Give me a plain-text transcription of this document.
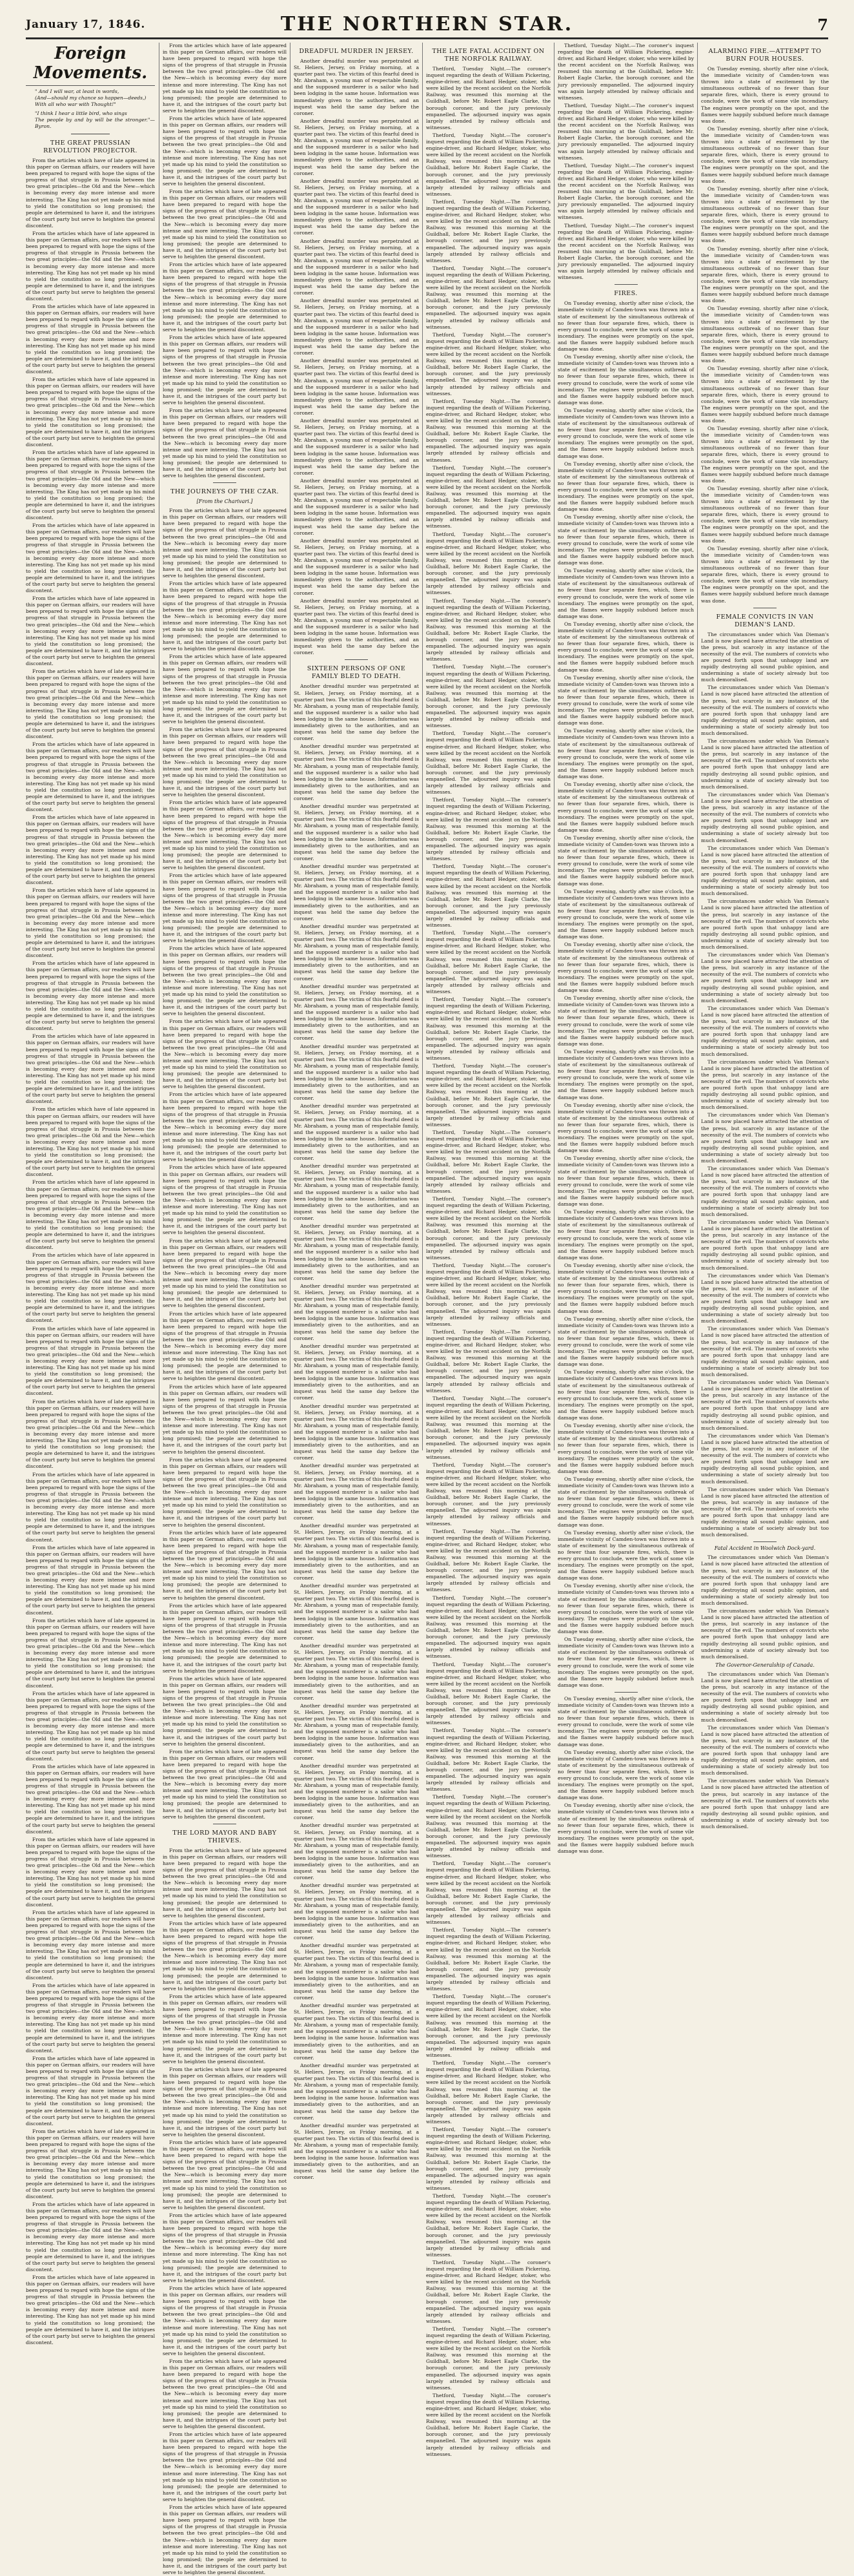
January 17, 1846.	THE NORTHERN STAR.	7
Foreign Movements.
" And I will war, at least in words,
(And—should my chance so happen—deeds,)
With all who war with Thought!"
"I think I hear a little bird, who sings
The people by and by will be the stronger."—Byron.
THE GREAT PRUSSIAN REVOLUTION PROJECTOR.

From the articles which have of late appeared in this paper on German affairs, our readers will have been prepared to regard with hope the signs of the progress of that struggle in Prussia between the two great principles—the Old and the New—which is becoming every day more intense and more interesting. The King has not yet made up his mind to yield the constitution so long promised; the people are determined to have it, and the intrigues of the court party but serve to heighten the general discontent.

From the articles which have of late appeared in this paper on German affairs, our readers will have been prepared to regard with hope the signs of the progress of that struggle in Prussia between the two great principles—the Old and the New—which is becoming every day more intense and more interesting. The King has not yet made up his mind to yield the constitution so long promised; the people are determined to have it, and the intrigues of the court party but serve to heighten the general discontent.

From the articles which have of late appeared in this paper on German affairs, our readers will have been prepared to regard with hope the signs of the progress of that struggle in Prussia between the two great principles—the Old and the New—which is becoming every day more intense and more interesting. The King has not yet made up his mind to yield the constitution so long promised; the people are determined to have it, and the intrigues of the court party but serve to heighten the general discontent.

From the articles which have of late appeared in this paper on German affairs, our readers will have been prepared to regard with hope the signs of the progress of that struggle in Prussia between the two great principles—the Old and the New—which is becoming every day more intense and more interesting. The King has not yet made up his mind to yield the constitution so long promised; the people are determined to have it, and the intrigues of the court party but serve to heighten the general discontent.

From the articles which have of late appeared in this paper on German affairs, our readers will have been prepared to regard with hope the signs of the progress of that struggle in Prussia between the two great principles—the Old and the New—which is becoming every day more intense and more interesting. The King has not yet made up his mind to yield the constitution so long promised; the people are determined to have it, and the intrigues of the court party but serve to heighten the general discontent.

From the articles which have of late appeared in this paper on German affairs, our readers will have been prepared to regard with hope the signs of the progress of that struggle in Prussia between the two great principles—the Old and the New—which is becoming every day more intense and more interesting. The King has not yet made up his mind to yield the constitution so long promised; the people are determined to have it, and the intrigues of the court party but serve to heighten the general discontent.

From the articles which have of late appeared in this paper on German affairs, our readers will have been prepared to regard with hope the signs of the progress of that struggle in Prussia between the two great principles—the Old and the New—which is becoming every day more intense and more interesting. The King has not yet made up his mind to yield the constitution so long promised; the people are determined to have it, and the intrigues of the court party but serve to heighten the general discontent.

From the articles which have of late appeared in this paper on German affairs, our readers will have been prepared to regard with hope the signs of the progress of that struggle in Prussia between the two great principles—the Old and the New—which is becoming every day more intense and more interesting. The King has not yet made up his mind to yield the constitution so long promised; the people are determined to have it, and the intrigues of the court party but serve to heighten the general discontent.

From the articles which have of late appeared in this paper on German affairs, our readers will have been prepared to regard with hope the signs of the progress of that struggle in Prussia between the two great principles—the Old and the New—which is becoming every day more intense and more interesting. The King has not yet made up his mind to yield the constitution so long promised; the people are determined to have it, and the intrigues of the court party but serve to heighten the general discontent.

From the articles which have of late appeared in this paper on German affairs, our readers will have been prepared to regard with hope the signs of the progress of that struggle in Prussia between the two great principles—the Old and the New—which is becoming every day more intense and more interesting. The King has not yet made up his mind to yield the constitution so long promised; the people are determined to have it, and the intrigues of the court party but serve to heighten the general discontent.

From the articles which have of late appeared in this paper on German affairs, our readers will have been prepared to regard with hope the signs of the progress of that struggle in Prussia between the two great principles—the Old and the New—which is becoming every day more intense and more interesting. The King has not yet made up his mind to yield the constitution so long promised; the people are determined to have it, and the intrigues of the court party but serve to heighten the general discontent.

From the articles which have of late appeared in this paper on German affairs, our readers will have been prepared to regard with hope the signs of the progress of that struggle in Prussia between the two great principles—the Old and the New—which is becoming every day more intense and more interesting. The King has not yet made up his mind to yield the constitution so long promised; the people are determined to have it, and the intrigues of the court party but serve to heighten the general discontent.

From the articles which have of late appeared in this paper on German affairs, our readers will have been prepared to regard with hope the signs of the progress of that struggle in Prussia between the two great principles—the Old and the New—which is becoming every day more intense and more interesting. The King has not yet made up his mind to yield the constitution so long promised; the people are determined to have it, and the intrigues of the court party but serve to heighten the general discontent.

From the articles which have of late appeared in this paper on German affairs, our readers will have been prepared to regard with hope the signs of the progress of that struggle in Prussia between the two great principles—the Old and the New—which is becoming every day more intense and more interesting. The King has not yet made up his mind to yield the constitution so long promised; the people are determined to have it, and the intrigues of the court party but serve to heighten the general discontent.

From the articles which have of late appeared in this paper on German affairs, our readers will have been prepared to regard with hope the signs of the progress of that struggle in Prussia between the two great principles—the Old and the New—which is becoming every day more intense and more interesting. The King has not yet made up his mind to yield the constitution so long promised; the people are determined to have it, and the intrigues of the court party but serve to heighten the general discontent.

From the articles which have of late appeared in this paper on German affairs, our readers will have been prepared to regard with hope the signs of the progress of that struggle in Prussia between the two great principles—the Old and the New—which is becoming every day more intense and more interesting. The King has not yet made up his mind to yield the constitution so long promised; the people are determined to have it, and the intrigues of the court party but serve to heighten the general discontent.

From the articles which have of late appeared in this paper on German affairs, our readers will have been prepared to regard with hope the signs of the progress of that struggle in Prussia between the two great principles—the Old and the New—which is becoming every day more intense and more interesting. The King has not yet made up his mind to yield the constitution so long promised; the people are determined to have it, and the intrigues of the court party but serve to heighten the general discontent.

From the articles which have of late appeared in this paper on German affairs, our readers will have been prepared to regard with hope the signs of the progress of that struggle in Prussia between the two great principles—the Old and the New—which is becoming every day more intense and more interesting. The King has not yet made up his mind to yield the constitution so long promised; the people are determined to have it, and the intrigues of the court party but serve to heighten the general discontent.

From the articles which have of late appeared in this paper on German affairs, our readers will have been prepared to regard with hope the signs of the progress of that struggle in Prussia between the two great principles—the Old and the New—which is becoming every day more intense and more interesting. The King has not yet made up his mind to yield the constitution so long promised; the people are determined to have it, and the intrigues of the court party but serve to heighten the general discontent.

From the articles which have of late appeared in this paper on German affairs, our readers will have been prepared to regard with hope the signs of the progress of that struggle in Prussia between the two great principles—the Old and the New—which is becoming every day more intense and more interesting. The King has not yet made up his mind to yield the constitution so long promised; the people are determined to have it, and the intrigues of the court party but serve to heighten the general discontent.

From the articles which have of late appeared in this paper on German affairs, our readers will have been prepared to regard with hope the signs of the progress of that struggle in Prussia between the two great principles—the Old and the New—which is becoming every day more intense and more interesting. The King has not yet made up his mind to yield the constitution so long promised; the people are determined to have it, and the intrigues of the court party but serve to heighten the general discontent.

From the articles which have of late appeared in this paper on German affairs, our readers will have been prepared to regard with hope the signs of the progress of that struggle in Prussia between the two great principles—the Old and the New—which is becoming every day more intense and more interesting. The King has not yet made up his mind to yield the constitution so long promised; the people are determined to have it, and the intrigues of the court party but serve to heighten the general discontent.

From the articles which have of late appeared in this paper on German affairs, our readers will have been prepared to regard with hope the signs of the progress of that struggle in Prussia between the two great principles—the Old and the New—which is becoming every day more intense and more interesting. The King has not yet made up his mind to yield the constitution so long promised; the people are determined to have it, and the intrigues of the court party but serve to heighten the general discontent.

From the articles which have of late appeared in this paper on German affairs, our readers will have been prepared to regard with hope the signs of the progress of that struggle in Prussia between the two great principles—the Old and the New—which is becoming every day more intense and more interesting. The King has not yet made up his mind to yield the constitution so long promised; the people are determined to have it, and the intrigues of the court party but serve to heighten the general discontent.

From the articles which have of late appeared in this paper on German affairs, our readers will have been prepared to regard with hope the signs of the progress of that struggle in Prussia between the two great principles—the Old and the New—which is becoming every day more intense and more interesting. The King has not yet made up his mind to yield the constitution so long promised; the people are determined to have it, and the intrigues of the court party but serve to heighten the general discontent.

From the articles which have of late appeared in this paper on German affairs, our readers will have been prepared to regard with hope the signs of the progress of that struggle in Prussia between the two great principles—the Old and the New—which is becoming every day more intense and more interesting. The King has not yet made up his mind to yield the constitution so long promised; the people are determined to have it, and the intrigues of the court party but serve to heighten the general discontent.

From the articles which have of late appeared in this paper on German affairs, our readers will have been prepared to regard with hope the signs of the progress of that struggle in Prussia between the two great principles—the Old and the New—which is becoming every day more intense and more interesting. The King has not yet made up his mind to yield the constitution so long promised; the people are determined to have it, and the intrigues of the court party but serve to heighten the general discontent.

From the articles which have of late appeared in this paper on German affairs, our readers will have been prepared to regard with hope the signs of the progress of that struggle in Prussia between the two great principles—the Old and the New—which is becoming every day more intense and more interesting. The King has not yet made up his mind to yield the constitution so long promised; the people are determined to have it, and the intrigues of the court party but serve to heighten the general discontent.

From the articles which have of late appeared in this paper on German affairs, our readers will have been prepared to regard with hope the signs of the progress of that struggle in Prussia between the two great principles—the Old and the New—which is becoming every day more intense and more interesting. The King has not yet made up his mind to yield the constitution so long promised; the people are determined to have it, and the intrigues of the court party but serve to heighten the general discontent.

From the articles which have of late appeared in this paper on German affairs, our readers will have been prepared to regard with hope the signs of the progress of that struggle in Prussia between the two great principles—the Old and the New—which is becoming every day more intense and more interesting. The King has not yet made up his mind to yield the constitution so long promised; the people are determined to have it, and the intrigues of the court party but serve to heighten the general discontent.

From the articles which have of late appeared in this paper on German affairs, our readers will have been prepared to regard with hope the signs of the progress of that struggle in Prussia between the two great principles—the Old and the New—which is becoming every day more intense and more interesting. The King has not yet made up his mind to yield the constitution so long promised; the people are determined to have it, and the intrigues of the court party but serve to heighten the general discontent.

From the articles which have of late appeared in this paper on German affairs, our readers will have been prepared to regard with hope the signs of the progress of that struggle in Prussia between the two great principles—the Old and the New—which is becoming every day more intense and more interesting. The King has not yet made up his mind to yield the constitution so long promised; the people are determined to have it, and the intrigues of the court party but serve to heighten the general discontent.

From the articles which have of late appeared in this paper on German affairs, our readers will have been prepared to regard with hope the signs of the progress of that struggle in Prussia between the two great principles—the Old and the New—which is becoming every day more intense and more interesting. The King has not yet made up his mind to yield the constitution so long promised; the people are determined to have it, and the intrigues of the court party but serve to heighten the general discontent.

From the articles which have of late appeared in this paper on German affairs, our readers will have been prepared to regard with hope the signs of the progress of that struggle in Prussia between the two great principles—the Old and the New—which is becoming every day more intense and more interesting. The King has not yet made up his mind to yield the constitution so long promised; the people are determined to have it, and the intrigues of the court party but serve to heighten the general discontent.

From the articles which have of late appeared in this paper on German affairs, our readers will have been prepared to regard with hope the signs of the progress of that struggle in Prussia between the two great principles—the Old and the New—which is becoming every day more intense and more interesting. The King has not yet made up his mind to yield the constitution so long promised; the people are determined to have it, and the intrigues of the court party but serve to heighten the general discontent.

From the articles which have of late appeared in this paper on German affairs, our readers will have been prepared to regard with hope the signs of the progress of that struggle in Prussia between the two great principles—the Old and the New—which is becoming every day more intense and more interesting. The King has not yet made up his mind to yield the constitution so long promised; the people are determined to have it, and the intrigues of the court party but serve to heighten the general discontent.

THE JOURNEYS OF THE CZAR.
[From the Charivari.]

From the articles which have of late appeared in this paper on German affairs, our readers will have been prepared to regard with hope the signs of the progress of that struggle in Prussia between the two great principles—the Old and the New—which is becoming every day more intense and more interesting. The King has not yet made up his mind to yield the constitution so long promised; the people are determined to have it, and the intrigues of the court party but serve to heighten the general discontent.

From the articles which have of late appeared in this paper on German affairs, our readers will have been prepared to regard with hope the signs of the progress of that struggle in Prussia between the two great principles—the Old and the New—which is becoming every day more intense and more interesting. The King has not yet made up his mind to yield the constitution so long promised; the people are determined to have it, and the intrigues of the court party but serve to heighten the general discontent.

From the articles which have of late appeared in this paper on German affairs, our readers will have been prepared to regard with hope the signs of the progress of that struggle in Prussia between the two great principles—the Old and the New—which is becoming every day more intense and more interesting. The King has not yet made up his mind to yield the constitution so long promised; the people are determined to have it, and the intrigues of the court party but serve to heighten the general discontent.

From the articles which have of late appeared in this paper on German affairs, our readers will have been prepared to regard with hope the signs of the progress of that struggle in Prussia between the two great principles—the Old and the New—which is becoming every day more intense and more interesting. The King has not yet made up his mind to yield the constitution so long promised; the people are determined to have it, and the intrigues of the court party but serve to heighten the general discontent.

From the articles which have of late appeared in this paper on German affairs, our readers will have been prepared to regard with hope the signs of the progress of that struggle in Prussia between the two great principles—the Old and the New—which is becoming every day more intense and more interesting. The King has not yet made up his mind to yield the constitution so long promised; the people are determined to have it, and the intrigues of the court party but serve to heighten the general discontent.

From the articles which have of late appeared in this paper on German affairs, our readers will have been prepared to regard with hope the signs of the progress of that struggle in Prussia between the two great principles—the Old and the New—which is becoming every day more intense and more interesting. The King has not yet made up his mind to yield the constitution so long promised; the people are determined to have it, and the intrigues of the court party but serve to heighten the general discontent.

From the articles which have of late appeared in this paper on German affairs, our readers will have been prepared to regard with hope the signs of the progress of that struggle in Prussia between the two great principles—the Old and the New—which is becoming every day more intense and more interesting. The King has not yet made up his mind to yield the constitution so long promised; the people are determined to have it, and the intrigues of the court party but serve to heighten the general discontent.

From the articles which have of late appeared in this paper on German affairs, our readers will have been prepared to regard with hope the signs of the progress of that struggle in Prussia between the two great principles—the Old and the New—which is becoming every day more intense and more interesting. The King has not yet made up his mind to yield the constitution so long promised; the people are determined to have it, and the intrigues of the court party but serve to heighten the general discontent.

From the articles which have of late appeared in this paper on German affairs, our readers will have been prepared to regard with hope the signs of the progress of that struggle in Prussia between the two great principles—the Old and the New—which is becoming every day more intense and more interesting. The King has not yet made up his mind to yield the constitution so long promised; the people are determined to have it, and the intrigues of the court party but serve to heighten the general discontent.

From the articles which have of late appeared in this paper on German affairs, our readers will have been prepared to regard with hope the signs of the progress of that struggle in Prussia between the two great principles—the Old and the New—which is becoming every day more intense and more interesting. The King has not yet made up his mind to yield the constitution so long promised; the people are determined to have it, and the intrigues of the court party but serve to heighten the general discontent.

From the articles which have of late appeared in this paper on German affairs, our readers will have been prepared to regard with hope the signs of the progress of that struggle in Prussia between the two great principles—the Old and the New—which is becoming every day more intense and more interesting. The King has not yet made up his mind to yield the constitution so long promised; the people are determined to have it, and the intrigues of the court party but serve to heighten the general discontent.

From the articles which have of late appeared in this paper on German affairs, our readers will have been prepared to regard with hope the signs of the progress of that struggle in Prussia between the two great principles—the Old and the New—which is becoming every day more intense and more interesting. The King has not yet made up his mind to yield the constitution so long promised; the people are determined to have it, and the intrigues of the court party but serve to heighten the general discontent.

From the articles which have of late appeared in this paper on German affairs, our readers will have been prepared to regard with hope the signs of the progress of that struggle in Prussia between the two great principles—the Old and the New—which is becoming every day more intense and more interesting. The King has not yet made up his mind to yield the constitution so long promised; the people are determined to have it, and the intrigues of the court party but serve to heighten the general discontent.

From the articles which have of late appeared in this paper on German affairs, our readers will have been prepared to regard with hope the signs of the progress of that struggle in Prussia between the two great principles—the Old and the New—which is becoming every day more intense and more interesting. The King has not yet made up his mind to yield the constitution so long promised; the people are determined to have it, and the intrigues of the court party but serve to heighten the general discontent.

From the articles which have of late appeared in this paper on German affairs, our readers will have been prepared to regard with hope the signs of the progress of that struggle in Prussia between the two great principles—the Old and the New—which is becoming every day more intense and more interesting. The King has not yet made up his mind to yield the constitution so long promised; the people are determined to have it, and the intrigues of the court party but serve to heighten the general discontent.

From the articles which have of late appeared in this paper on German affairs, our readers will have been prepared to regard with hope the signs of the progress of that struggle in Prussia between the two great principles—the Old and the New—which is becoming every day more intense and more interesting. The King has not yet made up his mind to yield the constitution so long promised; the people are determined to have it, and the intrigues of the court party but serve to heighten the general discontent.

From the articles which have of late appeared in this paper on German affairs, our readers will have been prepared to regard with hope the signs of the progress of that struggle in Prussia between the two great principles—the Old and the New—which is becoming every day more intense and more interesting. The King has not yet made up his mind to yield the constitution so long promised; the people are determined to have it, and the intrigues of the court party but serve to heighten the general discontent.

From the articles which have of late appeared in this paper on German affairs, our readers will have been prepared to regard with hope the signs of the progress of that struggle in Prussia between the two great principles—the Old and the New—which is becoming every day more intense and more interesting. The King has not yet made up his mind to yield the constitution so long promised; the people are determined to have it, and the intrigues of the court party but serve to heighten the general discontent.

THE LORD MAYOR AND BABY THIEVES.

From the articles which have of late appeared in this paper on German affairs, our readers will have been prepared to regard with hope the signs of the progress of that struggle in Prussia between the two great principles—the Old and the New—which is becoming every day more intense and more interesting. The King has not yet made up his mind to yield the constitution so long promised; the people are determined to have it, and the intrigues of the court party but serve to heighten the general discontent.

From the articles which have of late appeared in this paper on German affairs, our readers will have been prepared to regard with hope the signs of the progress of that struggle in Prussia between the two great principles—the Old and the New—which is becoming every day more intense and more interesting. The King has not yet made up his mind to yield the constitution so long promised; the people are determined to have it, and the intrigues of the court party but serve to heighten the general discontent.

From the articles which have of late appeared in this paper on German affairs, our readers will have been prepared to regard with hope the signs of the progress of that struggle in Prussia between the two great principles—the Old and the New—which is becoming every day more intense and more interesting. The King has not yet made up his mind to yield the constitution so long promised; the people are determined to have it, and the intrigues of the court party but serve to heighten the general discontent.

From the articles which have of late appeared in this paper on German affairs, our readers will have been prepared to regard with hope the signs of the progress of that struggle in Prussia between the two great principles—the Old and the New—which is becoming every day more intense and more interesting. The King has not yet made up his mind to yield the constitution so long promised; the people are determined to have it, and the intrigues of the court party but serve to heighten the general discontent.

From the articles which have of late appeared in this paper on German affairs, our readers will have been prepared to regard with hope the signs of the progress of that struggle in Prussia between the two great principles—the Old and the New—which is becoming every day more intense and more interesting. The King has not yet made up his mind to yield the constitution so long promised; the people are determined to have it, and the intrigues of the court party but serve to heighten the general discontent.

From the articles which have of late appeared in this paper on German affairs, our readers will have been prepared to regard with hope the signs of the progress of that struggle in Prussia between the two great principles—the Old and the New—which is becoming every day more intense and more interesting. The King has not yet made up his mind to yield the constitution so long promised; the people are determined to have it, and the intrigues of the court party but serve to heighten the general discontent.

From the articles which have of late appeared in this paper on German affairs, our readers will have been prepared to regard with hope the signs of the progress of that struggle in Prussia between the two great principles—the Old and the New—which is becoming every day more intense and more interesting. The King has not yet made up his mind to yield the constitution so long promised; the people are determined to have it, and the intrigues of the court party but serve to heighten the general discontent.

From the articles which have of late appeared in this paper on German affairs, our readers will have been prepared to regard with hope the signs of the progress of that struggle in Prussia between the two great principles—the Old and the New—which is becoming every day more intense and more interesting. The King has not yet made up his mind to yield the constitution so long promised; the people are determined to have it, and the intrigues of the court party but serve to heighten the general discontent.

From the articles which have of late appeared in this paper on German affairs, our readers will have been prepared to regard with hope the signs of the progress of that struggle in Prussia between the two great principles—the Old and the New—which is becoming every day more intense and more interesting. The King has not yet made up his mind to yield the constitution so long promised; the people are determined to have it, and the intrigues of the court party but serve to heighten the general discontent.

From the articles which have of late appeared in this paper on German affairs, our readers will have been prepared to regard with hope the signs of the progress of that struggle in Prussia between the two great principles—the Old and the New—which is becoming every day more intense and more interesting. The King has not yet made up his mind to yield the constitution so long promised; the people are determined to have it, and the intrigues of the court party but serve to heighten the general discontent.

DREADFUL MURDER IN JERSEY.

Another dreadful murder was perpetrated at St. Heliers, Jersey, on Friday morning, at a quarter past two. The victim of this fearful deed is Mr. Abraham, a young man of respectable family, and the supposed murderer is a sailor who had been lodging in the same house. Information was immediately given to the authorities, and an inquest was held the same day before the coroner.

Another dreadful murder was perpetrated at St. Heliers, Jersey, on Friday morning, at a quarter past two. The victim of this fearful deed is Mr. Abraham, a young man of respectable family, and the supposed murderer is a sailor who had been lodging in the same house. Information was immediately given to the authorities, and an inquest was held the same day before the coroner.

Another dreadful murder was perpetrated at St. Heliers, Jersey, on Friday morning, at a quarter past two. The victim of this fearful deed is Mr. Abraham, a young man of respectable family, and the supposed murderer is a sailor who had been lodging in the same house. Information was immediately given to the authorities, and an inquest was held the same day before the coroner.

Another dreadful murder was perpetrated at St. Heliers, Jersey, on Friday morning, at a quarter past two. The victim of this fearful deed is Mr. Abraham, a young man of respectable family, and the supposed murderer is a sailor who had been lodging in the same house. Information was immediately given to the authorities, and an inquest was held the same day before the coroner.

Another dreadful murder was perpetrated at St. Heliers, Jersey, on Friday morning, at a quarter past two. The victim of this fearful deed is Mr. Abraham, a young man of respectable family, and the supposed murderer is a sailor who had been lodging in the same house. Information was immediately given to the authorities, and an inquest was held the same day before the coroner.

Another dreadful murder was perpetrated at St. Heliers, Jersey, on Friday morning, at a quarter past two. The victim of this fearful deed is Mr. Abraham, a young man of respectable family, and the supposed murderer is a sailor who had been lodging in the same house. Information was immediately given to the authorities, and an inquest was held the same day before the coroner.

Another dreadful murder was perpetrated at St. Heliers, Jersey, on Friday morning, at a quarter past two. The victim of this fearful deed is Mr. Abraham, a young man of respectable family, and the supposed murderer is a sailor who had been lodging in the same house. Information was immediately given to the authorities, and an inquest was held the same day before the coroner.

Another dreadful murder was perpetrated at St. Heliers, Jersey, on Friday morning, at a quarter past two. The victim of this fearful deed is Mr. Abraham, a young man of respectable family, and the supposed murderer is a sailor who had been lodging in the same house. Information was immediately given to the authorities, and an inquest was held the same day before the coroner.

Another dreadful murder was perpetrated at St. Heliers, Jersey, on Friday morning, at a quarter past two. The victim of this fearful deed is Mr. Abraham, a young man of respectable family, and the supposed murderer is a sailor who had been lodging in the same house. Information was immediately given to the authorities, and an inquest was held the same day before the coroner.

Another dreadful murder was perpetrated at St. Heliers, Jersey, on Friday morning, at a quarter past two. The victim of this fearful deed is Mr. Abraham, a young man of respectable family, and the supposed murderer is a sailor who had been lodging in the same house. Information was immediately given to the authorities, and an inquest was held the same day before the coroner.

SIXTEEN PERSONS OF ONE FAMILY BLED TO DEATH.

Another dreadful murder was perpetrated at St. Heliers, Jersey, on Friday morning, at a quarter past two. The victim of this fearful deed is Mr. Abraham, a young man of respectable family, and the supposed murderer is a sailor who had been lodging in the same house. Information was immediately given to the authorities, and an inquest was held the same day before the coroner.

Another dreadful murder was perpetrated at St. Heliers, Jersey, on Friday morning, at a quarter past two. The victim of this fearful deed is Mr. Abraham, a young man of respectable family, and the supposed murderer is a sailor who had been lodging in the same house. Information was immediately given to the authorities, and an inquest was held the same day before the coroner.

Another dreadful murder was perpetrated at St. Heliers, Jersey, on Friday morning, at a quarter past two. The victim of this fearful deed is Mr. Abraham, a young man of respectable family, and the supposed murderer is a sailor who had been lodging in the same house. Information was immediately given to the authorities, and an inquest was held the same day before the coroner.

Another dreadful murder was perpetrated at St. Heliers, Jersey, on Friday morning, at a quarter past two. The victim of this fearful deed is Mr. Abraham, a young man of respectable family, and the supposed murderer is a sailor who had been lodging in the same house. Information was immediately given to the authorities, and an inquest was held the same day before the coroner.

Another dreadful murder was perpetrated at St. Heliers, Jersey, on Friday morning, at a quarter past two. The victim of this fearful deed is Mr. Abraham, a young man of respectable family, and the supposed murderer is a sailor who had been lodging in the same house. Information was immediately given to the authorities, and an inquest was held the same day before the coroner.

Another dreadful murder was perpetrated at St. Heliers, Jersey, on Friday morning, at a quarter past two. The victim of this fearful deed is Mr. Abraham, a young man of respectable family, and the supposed murderer is a sailor who had been lodging in the same house. Information was immediately given to the authorities, and an inquest was held the same day before the coroner.

Another dreadful murder was perpetrated at St. Heliers, Jersey, on Friday morning, at a quarter past two. The victim of this fearful deed is Mr. Abraham, a young man of respectable family, and the supposed murderer is a sailor who had been lodging in the same house. Information was immediately given to the authorities, and an inquest was held the same day before the coroner.

Another dreadful murder was perpetrated at St. Heliers, Jersey, on Friday morning, at a quarter past two. The victim of this fearful deed is Mr. Abraham, a young man of respectable family, and the supposed murderer is a sailor who had been lodging in the same house. Information was immediately given to the authorities, and an inquest was held the same day before the coroner.

Another dreadful murder was perpetrated at St. Heliers, Jersey, on Friday morning, at a quarter past two. The victim of this fearful deed is Mr. Abraham, a young man of respectable family, and the supposed murderer is a sailor who had been lodging in the same house. Information was immediately given to the authorities, and an inquest was held the same day before the coroner.

Another dreadful murder was perpetrated at St. Heliers, Jersey, on Friday morning, at a quarter past two. The victim of this fearful deed is Mr. Abraham, a young man of respectable family, and the supposed murderer is a sailor who had been lodging in the same house. Information was immediately given to the authorities, and an inquest was held the same day before the coroner.

Another dreadful murder was perpetrated at St. Heliers, Jersey, on Friday morning, at a quarter past two. The victim of this fearful deed is Mr. Abraham, a young man of respectable family, and the supposed murderer is a sailor who had been lodging in the same house. Information was immediately given to the authorities, and an inquest was held the same day before the coroner.

Another dreadful murder was perpetrated at St. Heliers, Jersey, on Friday morning, at a quarter past two. The victim of this fearful deed is Mr. Abraham, a young man of respectable family, and the supposed murderer is a sailor who had been lodging in the same house. Information was immediately given to the authorities, and an inquest was held the same day before the coroner.

Another dreadful murder was perpetrated at St. Heliers, Jersey, on Friday morning, at a quarter past two. The victim of this fearful deed is Mr. Abraham, a young man of respectable family, and the supposed murderer is a sailor who had been lodging in the same house. Information was immediately given to the authorities, and an inquest was held the same day before the coroner.

Another dreadful murder was perpetrated at St. Heliers, Jersey, on Friday morning, at a quarter past two. The victim of this fearful deed is Mr. Abraham, a young man of respectable family, and the supposed murderer is a sailor who had been lodging in the same house. Information was immediately given to the authorities, and an inquest was held the same day before the coroner.

Another dreadful murder was perpetrated at St. Heliers, Jersey, on Friday morning, at a quarter past two. The victim of this fearful deed is Mr. Abraham, a young man of respectable family, and the supposed murderer is a sailor who had been lodging in the same house. Information was immediately given to the authorities, and an inquest was held the same day before the coroner.

Another dreadful murder was perpetrated at St. Heliers, Jersey, on Friday morning, at a quarter past two. The victim of this fearful deed is Mr. Abraham, a young man of respectable family, and the supposed murderer is a sailor who had been lodging in the same house. Information was immediately given to the authorities, and an inquest was held the same day before the coroner.

Another dreadful murder was perpetrated at St. Heliers, Jersey, on Friday morning, at a quarter past two. The victim of this fearful deed is Mr. Abraham, a young man of respectable family, and the supposed murderer is a sailor who had been lodging in the same house. Information was immediately given to the authorities, and an inquest was held the same day before the coroner.

Another dreadful murder was perpetrated at St. Heliers, Jersey, on Friday morning, at a quarter past two. The victim of this fearful deed is Mr. Abraham, a young man of respectable family, and the supposed murderer is a sailor who had been lodging in the same house. Information was immediately given to the authorities, and an inquest was held the same day before the coroner.

Another dreadful murder was perpetrated at St. Heliers, Jersey, on Friday morning, at a quarter past two. The victim of this fearful deed is Mr. Abraham, a young man of respectable family, and the supposed murderer is a sailor who had been lodging in the same house. Information was immediately given to the authorities, and an inquest was held the same day before the coroner.

Another dreadful murder was perpetrated at St. Heliers, Jersey, on Friday morning, at a quarter past two. The victim of this fearful deed is Mr. Abraham, a young man of respectable family, and the supposed murderer is a sailor who had been lodging in the same house. Information was immediately given to the authorities, and an inquest was held the same day before the coroner.

Another dreadful murder was perpetrated at St. Heliers, Jersey, on Friday morning, at a quarter past two. The victim of this fearful deed is Mr. Abraham, a young man of respectable family, and the supposed murderer is a sailor who had been lodging in the same house. Information was immediately given to the authorities, and an inquest was held the same day before the coroner.

Another dreadful murder was perpetrated at St. Heliers, Jersey, on Friday morning, at a quarter past two. The victim of this fearful deed is Mr. Abraham, a young man of respectable family, and the supposed murderer is a sailor who had been lodging in the same house. Information was immediately given to the authorities, and an inquest was held the same day before the coroner.

Another dreadful murder was perpetrated at St. Heliers, Jersey, on Friday morning, at a quarter past two. The victim of this fearful deed is Mr. Abraham, a young man of respectable family, and the supposed murderer is a sailor who had been lodging in the same house. Information was immediately given to the authorities, and an inquest was held the same day before the coroner.

Another dreadful murder was perpetrated at St. Heliers, Jersey, on Friday morning, at a quarter past two. The victim of this fearful deed is Mr. Abraham, a young man of respectable family, and the supposed murderer is a sailor who had been lodging in the same house. Information was immediately given to the authorities, and an inquest was held the same day before the coroner.

Another dreadful murder was perpetrated at St. Heliers, Jersey, on Friday morning, at a quarter past two. The victim of this fearful deed is Mr. Abraham, a young man of respectable family, and the supposed murderer is a sailor who had been lodging in the same house. Information was immediately given to the authorities, and an inquest was held the same day before the coroner.

THE LATE FATAL ACCIDENT ON THE NORFOLK RAILWAY.

Thetford, Tuesday Night.—The coroner's inquest regarding the death of William Pickering, engine-driver, and Richard Hedger, stoker, who were killed by the recent accident on the Norfolk Railway, was resumed this morning at the Guildhall, before Mr. Robert Eagle Clarke, the borough coroner, and the jury previously empanelled. The adjourned inquiry was again largely attended by railway officials and witnesses.

Thetford, Tuesday Night.—The coroner's inquest regarding the death of William Pickering, engine-driver, and Richard Hedger, stoker, who were killed by the recent accident on the Norfolk Railway, was resumed this morning at the Guildhall, before Mr. Robert Eagle Clarke, the borough coroner, and the jury previously empanelled. The adjourned inquiry was again largely attended by railway officials and witnesses.

Thetford, Tuesday Night.—The coroner's inquest regarding the death of William Pickering, engine-driver, and Richard Hedger, stoker, who were killed by the recent accident on the Norfolk Railway, was resumed this morning at the Guildhall, before Mr. Robert Eagle Clarke, the borough coroner, and the jury previously empanelled. The adjourned inquiry was again largely attended by railway officials and witnesses.

Thetford, Tuesday Night.—The coroner's inquest regarding the death of William Pickering, engine-driver, and Richard Hedger, stoker, who were killed by the recent accident on the Norfolk Railway, was resumed this morning at the Guildhall, before Mr. Robert Eagle Clarke, the borough coroner, and the jury previously empanelled. The adjourned inquiry was again largely attended by railway officials and witnesses.

Thetford, Tuesday Night.—The coroner's inquest regarding the death of William Pickering, engine-driver, and Richard Hedger, stoker, who were killed by the recent accident on the Norfolk Railway, was resumed this morning at the Guildhall, before Mr. Robert Eagle Clarke, the borough coroner, and the jury previously empanelled. The adjourned inquiry was again largely attended by railway officials and witnesses.

Thetford, Tuesday Night.—The coroner's inquest regarding the death of William Pickering, engine-driver, and Richard Hedger, stoker, who were killed by the recent accident on the Norfolk Railway, was resumed this morning at the Guildhall, before Mr. Robert Eagle Clarke, the borough coroner, and the jury previously empanelled. The adjourned inquiry was again largely attended by railway officials and witnesses.

Thetford, Tuesday Night.—The coroner's inquest regarding the death of William Pickering, engine-driver, and Richard Hedger, stoker, who were killed by the recent accident on the Norfolk Railway, was resumed this morning at the Guildhall, before Mr. Robert Eagle Clarke, the borough coroner, and the jury previously empanelled. The adjourned inquiry was again largely attended by railway officials and witnesses.

Thetford, Tuesday Night.—The coroner's inquest regarding the death of William Pickering, engine-driver, and Richard Hedger, stoker, who were killed by the recent accident on the Norfolk Railway, was resumed this morning at the Guildhall, before Mr. Robert Eagle Clarke, the borough coroner, and the jury previously empanelled. The adjourned inquiry was again largely attended by railway officials and witnesses.

Thetford, Tuesday Night.—The coroner's inquest regarding the death of William Pickering, engine-driver, and Richard Hedger, stoker, who were killed by the recent accident on the Norfolk Railway, was resumed this morning at the Guildhall, before Mr. Robert Eagle Clarke, the borough coroner, and the jury previously empanelled. The adjourned inquiry was again largely attended by railway officials and witnesses.

Thetford, Tuesday Night.—The coroner's inquest regarding the death of William Pickering, engine-driver, and Richard Hedger, stoker, who were killed by the recent accident on the Norfolk Railway, was resumed this morning at the Guildhall, before Mr. Robert Eagle Clarke, the borough coroner, and the jury previously empanelled. The adjourned inquiry was again largely attended by railway officials and witnesses.

Thetford, Tuesday Night.—The coroner's inquest regarding the death of William Pickering, engine-driver, and Richard Hedger, stoker, who were killed by the recent accident on the Norfolk Railway, was resumed this morning at the Guildhall, before Mr. Robert Eagle Clarke, the borough coroner, and the jury previously empanelled. The adjourned inquiry was again largely attended by railway officials and witnesses.

Thetford, Tuesday Night.—The coroner's inquest regarding the death of William Pickering, engine-driver, and Richard Hedger, stoker, who were killed by the recent accident on the Norfolk Railway, was resumed this morning at the Guildhall, before Mr. Robert Eagle Clarke, the borough coroner, and the jury previously empanelled. The adjourned inquiry was again largely attended by railway officials and witnesses.

Thetford, Tuesday Night.—The coroner's inquest regarding the death of William Pickering, engine-driver, and Richard Hedger, stoker, who were killed by the recent accident on the Norfolk Railway, was resumed this morning at the Guildhall, before Mr. Robert Eagle Clarke, the borough coroner, and the jury previously empanelled. The adjourned inquiry was again largely attended by railway officials and witnesses.

Thetford, Tuesday Night.—The coroner's inquest regarding the death of William Pickering, engine-driver, and Richard Hedger, stoker, who were killed by the recent accident on the Norfolk Railway, was resumed this morning at the Guildhall, before Mr. Robert Eagle Clarke, the borough coroner, and the jury previously empanelled. The adjourned inquiry was again largely attended by railway officials and witnesses.

Thetford, Tuesday Night.—The coroner's inquest regarding the death of William Pickering, engine-driver, and Richard Hedger, stoker, who were killed by the recent accident on the Norfolk Railway, was resumed this morning at the Guildhall, before Mr. Robert Eagle Clarke, the borough coroner, and the jury previously empanelled. The adjourned inquiry was again largely attended by railway officials and witnesses.

Thetford, Tuesday Night.—The coroner's inquest regarding the death of William Pickering, engine-driver, and Richard Hedger, stoker, who were killed by the recent accident on the Norfolk Railway, was resumed this morning at the Guildhall, before Mr. Robert Eagle Clarke, the borough coroner, and the jury previously empanelled. The adjourned inquiry was again largely attended by railway officials and witnesses.

Thetford, Tuesday Night.—The coroner's inquest regarding the death of William Pickering, engine-driver, and Richard Hedger, stoker, who were killed by the recent accident on the Norfolk Railway, was resumed this morning at the Guildhall, before Mr. Robert Eagle Clarke, the borough coroner, and the jury previously empanelled. The adjourned inquiry was again largely attended by railway officials and witnesses.

Thetford, Tuesday Night.—The coroner's inquest regarding the death of William Pickering, engine-driver, and Richard Hedger, stoker, who were killed by the recent accident on the Norfolk Railway, was resumed this morning at the Guildhall, before Mr. Robert Eagle Clarke, the borough coroner, and the jury previously empanelled. The adjourned inquiry was again largely attended by railway officials and witnesses.

Thetford, Tuesday Night.—The coroner's inquest regarding the death of William Pickering, engine-driver, and Richard Hedger, stoker, who were killed by the recent accident on the Norfolk Railway, was resumed this morning at the Guildhall, before Mr. Robert Eagle Clarke, the borough coroner, and the jury previously empanelled. The adjourned inquiry was again largely attended by railway officials and witnesses.

Thetford, Tuesday Night.—The coroner's inquest regarding the death of William Pickering, engine-driver, and Richard Hedger, stoker, who were killed by the recent accident on the Norfolk Railway, was resumed this morning at the Guildhall, before Mr. Robert Eagle Clarke, the borough coroner, and the jury previously empanelled. The adjourned inquiry was again largely attended by railway officials and witnesses.

Thetford, Tuesday Night.—The coroner's inquest regarding the death of William Pickering, engine-driver, and Richard Hedger, stoker, who were killed by the recent accident on the Norfolk Railway, was resumed this morning at the Guildhall, before Mr. Robert Eagle Clarke, the borough coroner, and the jury previously empanelled. The adjourned inquiry was again largely attended by railway officials and witnesses.

Thetford, Tuesday Night.—The coroner's inquest regarding the death of William Pickering, engine-driver, and Richard Hedger, stoker, who were killed by the recent accident on the Norfolk Railway, was resumed this morning at the Guildhall, before Mr. Robert Eagle Clarke, the borough coroner, and the jury previously empanelled. The adjourned inquiry was again largely attended by railway officials and witnesses.

Thetford, Tuesday Night.—The coroner's inquest regarding the death of William Pickering, engine-driver, and Richard Hedger, stoker, who were killed by the recent accident on the Norfolk Railway, was resumed this morning at the Guildhall, before Mr. Robert Eagle Clarke, the borough coroner, and the jury previously empanelled. The adjourned inquiry was again largely attended by railway officials and witnesses.

Thetford, Tuesday Night.—The coroner's inquest regarding the death of William Pickering, engine-driver, and Richard Hedger, stoker, who were killed by the recent accident on the Norfolk Railway, was resumed this morning at the Guildhall, before Mr. Robert Eagle Clarke, the borough coroner, and the jury previously empanelled. The adjourned inquiry was again largely attended by railway officials and witnesses.

Thetford, Tuesday Night.—The coroner's inquest regarding the death of William Pickering, engine-driver, and Richard Hedger, stoker, who were killed by the recent accident on the Norfolk Railway, was resumed this morning at the Guildhall, before Mr. Robert Eagle Clarke, the borough coroner, and the jury previously empanelled. The adjourned inquiry was again largely attended by railway officials and witnesses.

Thetford, Tuesday Night.—The coroner's inquest regarding the death of William Pickering, engine-driver, and Richard Hedger, stoker, who were killed by the recent accident on the Norfolk Railway, was resumed this morning at the Guildhall, before Mr. Robert Eagle Clarke, the borough coroner, and the jury previously empanelled. The adjourned inquiry was again largely attended by railway officials and witnesses.

Thetford, Tuesday Night.—The coroner's inquest regarding the death of William Pickering, engine-driver, and Richard Hedger, stoker, who were killed by the recent accident on the Norfolk Railway, was resumed this morning at the Guildhall, before Mr. Robert Eagle Clarke, the borough coroner, and the jury previously empanelled. The adjourned inquiry was again largely attended by railway officials and witnesses.

Thetford, Tuesday Night.—The coroner's inquest regarding the death of William Pickering, engine-driver, and Richard Hedger, stoker, who were killed by the recent accident on the Norfolk Railway, was resumed this morning at the Guildhall, before Mr. Robert Eagle Clarke, the borough coroner, and the jury previously empanelled. The adjourned inquiry was again largely attended by railway officials and witnesses.

Thetford, Tuesday Night.—The coroner's inquest regarding the death of William Pickering, engine-driver, and Richard Hedger, stoker, who were killed by the recent accident on the Norfolk Railway, was resumed this morning at the Guildhall, before Mr. Robert Eagle Clarke, the borough coroner, and the jury previously empanelled. The adjourned inquiry was again largely attended by railway officials and witnesses.

Thetford, Tuesday Night.—The coroner's inquest regarding the death of William Pickering, engine-driver, and Richard Hedger, stoker, who were killed by the recent accident on the Norfolk Railway, was resumed this morning at the Guildhall, before Mr. Robert Eagle Clarke, the borough coroner, and the jury previously empanelled. The adjourned inquiry was again largely attended by railway officials and witnesses.

Thetford, Tuesday Night.—The coroner's inquest regarding the death of William Pickering, engine-driver, and Richard Hedger, stoker, who were killed by the recent accident on the Norfolk Railway, was resumed this morning at the Guildhall, before Mr. Robert Eagle Clarke, the borough coroner, and the jury previously empanelled. The adjourned inquiry was again largely attended by railway officials and witnesses.

Thetford, Tuesday Night.—The coroner's inquest regarding the death of William Pickering, engine-driver, and Richard Hedger, stoker, who were killed by the recent accident on the Norfolk Railway, was resumed this morning at the Guildhall, before Mr. Robert Eagle Clarke, the borough coroner, and the jury previously empanelled. The adjourned inquiry was again largely attended by railway officials and witnesses.

Thetford, Tuesday Night.—The coroner's inquest regarding the death of William Pickering, engine-driver, and Richard Hedger, stoker, who were killed by the recent accident on the Norfolk Railway, was resumed this morning at the Guildhall, before Mr. Robert Eagle Clarke, the borough coroner, and the jury previously empanelled. The adjourned inquiry was again largely attended by railway officials and witnesses.

Thetford, Tuesday Night.—The coroner's inquest regarding the death of William Pickering, engine-driver, and Richard Hedger, stoker, who were killed by the recent accident on the Norfolk Railway, was resumed this morning at the Guildhall, before Mr. Robert Eagle Clarke, the borough coroner, and the jury previously empanelled. The adjourned inquiry was again largely attended by railway officials and witnesses.

Thetford, Tuesday Night.—The coroner's inquest regarding the death of William Pickering, engine-driver, and Richard Hedger, stoker, who were killed by the recent accident on the Norfolk Railway, was resumed this morning at the Guildhall, before Mr. Robert Eagle Clarke, the borough coroner, and the jury previously empanelled. The adjourned inquiry was again largely attended by railway officials and witnesses.

Thetford, Tuesday Night.—The coroner's inquest regarding the death of William Pickering, engine-driver, and Richard Hedger, stoker, who were killed by the recent accident on the Norfolk Railway, was resumed this morning at the Guildhall, before Mr. Robert Eagle Clarke, the borough coroner, and the jury previously empanelled. The adjourned inquiry was again largely attended by railway officials and witnesses.

Thetford, Tuesday Night.—The coroner's inquest regarding the death of William Pickering, engine-driver, and Richard Hedger, stoker, who were killed by the recent accident on the Norfolk Railway, was resumed this morning at the Guildhall, before Mr. Robert Eagle Clarke, the borough coroner, and the jury previously empanelled. The adjourned inquiry was again largely attended by railway officials and witnesses.

Thetford, Tuesday Night.—The coroner's inquest regarding the death of William Pickering, engine-driver, and Richard Hedger, stoker, who were killed by the recent accident on the Norfolk Railway, was resumed this morning at the Guildhall, before Mr. Robert Eagle Clarke, the borough coroner, and the jury previously empanelled. The adjourned inquiry was again largely attended by railway officials and witnesses.

Thetford, Tuesday Night.—The coroner's inquest regarding the death of William Pickering, engine-driver, and Richard Hedger, stoker, who were killed by the recent accident on the Norfolk Railway, was resumed this morning at the Guildhall, before Mr. Robert Eagle Clarke, the borough coroner, and the jury previously empanelled. The adjourned inquiry was again largely attended by railway officials and witnesses.

Thetford, Tuesday Night.—The coroner's inquest regarding the death of William Pickering, engine-driver, and Richard Hedger, stoker, who were killed by the recent accident on the Norfolk Railway, was resumed this morning at the Guildhall, before Mr. Robert Eagle Clarke, the borough coroner, and the jury previously empanelled. The adjourned inquiry was again largely attended by railway officials and witnesses.

FIRES.

On Tuesday evening, shortly after nine o'clock, the immediate vicinity of Camden-town was thrown into a state of excitement by the simultaneous outbreak of no fewer than four separate fires, which, there is every ground to conclude, were the work of some vile incendiary. The engines were promptly on the spot, and the flames were happily subdued before much damage was done.

On Tuesday evening, shortly after nine o'clock, the immediate vicinity of Camden-town was thrown into a state of excitement by the simultaneous outbreak of no fewer than four separate fires, which, there is every ground to conclude, were the work of some vile incendiary. The engines were promptly on the spot, and the flames were happily subdued before much damage was done.

On Tuesday evening, shortly after nine o'clock, the immediate vicinity of Camden-town was thrown into a state of excitement by the simultaneous outbreak of no fewer than four separate fires, which, there is every ground to conclude, were the work of some vile incendiary. The engines were promptly on the spot, and the flames were happily subdued before much damage was done.

On Tuesday evening, shortly after nine o'clock, the immediate vicinity of Camden-town was thrown into a state of excitement by the simultaneous outbreak of no fewer than four separate fires, which, there is every ground to conclude, were the work of some vile incendiary. The engines were promptly on the spot, and the flames were happily subdued before much damage was done.

On Tuesday evening, shortly after nine o'clock, the immediate vicinity of Camden-town was thrown into a state of excitement by the simultaneous outbreak of no fewer than four separate fires, which, there is every ground to conclude, were the work of some vile incendiary. The engines were promptly on the spot, and the flames were happily subdued before much damage was done.

On Tuesday evening, shortly after nine o'clock, the immediate vicinity of Camden-town was thrown into a state of excitement by the simultaneous outbreak of no fewer than four separate fires, which, there is every ground to conclude, were the work of some vile incendiary. The engines were promptly on the spot, and the flames were happily subdued before much damage was done.

On Tuesday evening, shortly after nine o'clock, the immediate vicinity of Camden-town was thrown into a state of excitement by the simultaneous outbreak of no fewer than four separate fires, which, there is every ground to conclude, were the work of some vile incendiary. The engines were promptly on the spot, and the flames were happily subdued before much damage was done.

On Tuesday evening, shortly after nine o'clock, the immediate vicinity of Camden-town was thrown into a state of excitement by the simultaneous outbreak of no fewer than four separate fires, which, there is every ground to conclude, were the work of some vile incendiary. The engines were promptly on the spot, and the flames were happily subdued before much damage was done.

On Tuesday evening, shortly after nine o'clock, the immediate vicinity of Camden-town was thrown into a state of excitement by the simultaneous outbreak of no fewer than four separate fires, which, there is every ground to conclude, were the work of some vile incendiary. The engines were promptly on the spot, and the flames were happily subdued before much damage was done.

On Tuesday evening, shortly after nine o'clock, the immediate vicinity of Camden-town was thrown into a state of excitement by the simultaneous outbreak of no fewer than four separate fires, which, there is every ground to conclude, were the work of some vile incendiary. The engines were promptly on the spot, and the flames were happily subdued before much damage was done.

On Tuesday evening, shortly after nine o'clock, the immediate vicinity of Camden-town was thrown into a state of excitement by the simultaneous outbreak of no fewer than four separate fires, which, there is every ground to conclude, were the work of some vile incendiary. The engines were promptly on the spot, and the flames were happily subdued before much damage was done.

On Tuesday evening, shortly after nine o'clock, the immediate vicinity of Camden-town was thrown into a state of excitement by the simultaneous outbreak of no fewer than four separate fires, which, there is every ground to conclude, were the work of some vile incendiary. The engines were promptly on the spot, and the flames were happily subdued before much damage was done.

On Tuesday evening, shortly after nine o'clock, the immediate vicinity of Camden-town was thrown into a state of excitement by the simultaneous outbreak of no fewer than four separate fires, which, there is every ground to conclude, were the work of some vile incendiary. The engines were promptly on the spot, and the flames were happily subdued before much damage was done.

On Tuesday evening, shortly after nine o'clock, the immediate vicinity of Camden-town was thrown into a state of excitement by the simultaneous outbreak of no fewer than four separate fires, which, there is every ground to conclude, were the work of some vile incendiary. The engines were promptly on the spot, and the flames were happily subdued before much damage was done.

On Tuesday evening, shortly after nine o'clock, the immediate vicinity of Camden-town was thrown into a state of excitement by the simultaneous outbreak of no fewer than four separate fires, which, there is every ground to conclude, were the work of some vile incendiary. The engines were promptly on the spot, and the flames were happily subdued before much damage was done.

On Tuesday evening, shortly after nine o'clock, the immediate vicinity of Camden-town was thrown into a state of excitement by the simultaneous outbreak of no fewer than four separate fires, which, there is every ground to conclude, were the work of some vile incendiary. The engines were promptly on the spot, and the flames were happily subdued before much damage was done.

On Tuesday evening, shortly after nine o'clock, the immediate vicinity of Camden-town was thrown into a state of excitement by the simultaneous outbreak of no fewer than four separate fires, which, there is every ground to conclude, were the work of some vile incendiary. The engines were promptly on the spot, and the flames were happily subdued before much damage was done.

On Tuesday evening, shortly after nine o'clock, the immediate vicinity of Camden-town was thrown into a state of excitement by the simultaneous outbreak of no fewer than four separate fires, which, there is every ground to conclude, were the work of some vile incendiary. The engines were promptly on the spot, and the flames were happily subdued before much damage was done.

On Tuesday evening, shortly after nine o'clock, the immediate vicinity of Camden-town was thrown into a state of excitement by the simultaneous outbreak of no fewer than four separate fires, which, there is every ground to conclude, were the work of some vile incendiary. The engines were promptly on the spot, and the flames were happily subdued before much damage was done.

On Tuesday evening, shortly after nine o'clock, the immediate vicinity of Camden-town was thrown into a state of excitement by the simultaneous outbreak of no fewer than four separate fires, which, there is every ground to conclude, were the work of some vile incendiary. The engines were promptly on the spot, and the flames were happily subdued before much damage was done.

On Tuesday evening, shortly after nine o'clock, the immediate vicinity of Camden-town was thrown into a state of excitement by the simultaneous outbreak of no fewer than four separate fires, which, there is every ground to conclude, were the work of some vile incendiary. The engines were promptly on the spot, and the flames were happily subdued before much damage was done.

On Tuesday evening, shortly after nine o'clock, the immediate vicinity of Camden-town was thrown into a state of excitement by the simultaneous outbreak of no fewer than four separate fires, which, there is every ground to conclude, were the work of some vile incendiary. The engines were promptly on the spot, and the flames were happily subdued before much damage was done.

On Tuesday evening, shortly after nine o'clock, the immediate vicinity of Camden-town was thrown into a state of excitement by the simultaneous outbreak of no fewer than four separate fires, which, there is every ground to conclude, were the work of some vile incendiary. The engines were promptly on the spot, and the flames were happily subdued before much damage was done.

On Tuesday evening, shortly after nine o'clock, the immediate vicinity of Camden-town was thrown into a state of excitement by the simultaneous outbreak of no fewer than four separate fires, which, there is every ground to conclude, were the work of some vile incendiary. The engines were promptly on the spot, and the flames were happily subdued before much damage was done.

On Tuesday evening, shortly after nine o'clock, the immediate vicinity of Camden-town was thrown into a state of excitement by the simultaneous outbreak of no fewer than four separate fires, which, there is every ground to conclude, were the work of some vile incendiary. The engines were promptly on the spot, and the flames were happily subdued before much damage was done.

On Tuesday evening, shortly after nine o'clock, the immediate vicinity of Camden-town was thrown into a state of excitement by the simultaneous outbreak of no fewer than four separate fires, which, there is every ground to conclude, were the work of some vile incendiary. The engines were promptly on the spot, and the flames were happily subdued before much damage was done.

On Tuesday evening, shortly after nine o'clock, the immediate vicinity of Camden-town was thrown into a state of excitement by the simultaneous outbreak of no fewer than four separate fires, which, there is every ground to conclude, were the work of some vile incendiary. The engines were promptly on the spot, and the flames were happily subdued before much damage was done.

On Tuesday evening, shortly after nine o'clock, the immediate vicinity of Camden-town was thrown into a state of excitement by the simultaneous outbreak of no fewer than four separate fires, which, there is every ground to conclude, were the work of some vile incendiary. The engines were promptly on the spot, and the flames were happily subdued before much damage was done.

On Tuesday evening, shortly after nine o'clock, the immediate vicinity of Camden-town was thrown into a state of excitement by the simultaneous outbreak of no fewer than four separate fires, which, there is every ground to conclude, were the work of some vile incendiary. The engines were promptly on the spot, and the flames were happily subdued before much damage was done.

ALARMING FIRE.—ATTEMPT TO BURN FOUR HOUSES.

On Tuesday evening, shortly after nine o'clock, the immediate vicinity of Camden-town was thrown into a state of excitement by the simultaneous outbreak of no fewer than four separate fires, which, there is every ground to conclude, were the work of some vile incendiary. The engines were promptly on the spot, and the flames were happily subdued before much damage was done.

On Tuesday evening, shortly after nine o'clock, the immediate vicinity of Camden-town was thrown into a state of excitement by the simultaneous outbreak of no fewer than four separate fires, which, there is every ground to conclude, were the work of some vile incendiary. The engines were promptly on the spot, and the flames were happily subdued before much damage was done.

On Tuesday evening, shortly after nine o'clock, the immediate vicinity of Camden-town was thrown into a state of excitement by the simultaneous outbreak of no fewer than four separate fires, which, there is every ground to conclude, were the work of some vile incendiary. The engines were promptly on the spot, and the flames were happily subdued before much damage was done.

On Tuesday evening, shortly after nine o'clock, the immediate vicinity of Camden-town was thrown into a state of excitement by the simultaneous outbreak of no fewer than four separate fires, which, there is every ground to conclude, were the work of some vile incendiary. The engines were promptly on the spot, and the flames were happily subdued before much damage was done.

On Tuesday evening, shortly after nine o'clock, the immediate vicinity of Camden-town was thrown into a state of excitement by the simultaneous outbreak of no fewer than four separate fires, which, there is every ground to conclude, were the work of some vile incendiary. The engines were promptly on the spot, and the flames were happily subdued before much damage was done.

On Tuesday evening, shortly after nine o'clock, the immediate vicinity of Camden-town was thrown into a state of excitement by the simultaneous outbreak of no fewer than four separate fires, which, there is every ground to conclude, were the work of some vile incendiary. The engines were promptly on the spot, and the flames were happily subdued before much damage was done.

On Tuesday evening, shortly after nine o'clock, the immediate vicinity of Camden-town was thrown into a state of excitement by the simultaneous outbreak of no fewer than four separate fires, which, there is every ground to conclude, were the work of some vile incendiary. The engines were promptly on the spot, and the flames were happily subdued before much damage was done.

On Tuesday evening, shortly after nine o'clock, the immediate vicinity of Camden-town was thrown into a state of excitement by the simultaneous outbreak of no fewer than four separate fires, which, there is every ground to conclude, were the work of some vile incendiary. The engines were promptly on the spot, and the flames were happily subdued before much damage was done.

On Tuesday evening, shortly after nine o'clock, the immediate vicinity of Camden-town was thrown into a state of excitement by the simultaneous outbreak of no fewer than four separate fires, which, there is every ground to conclude, were the work of some vile incendiary. The engines were promptly on the spot, and the flames were happily subdued before much damage was done.

FEMALE CONVICTS IN VAN DIEMAN'S LAND.

The circumstances under which Van Dieman's Land is now placed have attracted the attention of the press, but scarcely in any instance of the necessity of the evil. The numbers of convicts who are poured forth upon that unhappy land are rapidly destroying all sound public opinion, and undermining a state of society already but too much demoralised.

The circumstances under which Van Dieman's Land is now placed have attracted the attention of the press, but scarcely in any instance of the necessity of the evil. The numbers of convicts who are poured forth upon that unhappy land are rapidly destroying all sound public opinion, and undermining a state of society already but too much demoralised.

The circumstances under which Van Dieman's Land is now placed have attracted the attention of the press, but scarcely in any instance of the necessity of the evil. The numbers of convicts who are poured forth upon that unhappy land are rapidly destroying all sound public opinion, and undermining a state of society already but too much demoralised.

The circumstances under which Van Dieman's Land is now placed have attracted the attention of the press, but scarcely in any instance of the necessity of the evil. The numbers of convicts who are poured forth upon that unhappy land are rapidly destroying all sound public opinion, and undermining a state of society already but too much demoralised.

The circumstances under which Van Dieman's Land is now placed have attracted the attention of the press, but scarcely in any instance of the necessity of the evil. The numbers of convicts who are poured forth upon that unhappy land are rapidly destroying all sound public opinion, and undermining a state of society already but too much demoralised.

The circumstances under which Van Dieman's Land is now placed have attracted the attention of the press, but scarcely in any instance of the necessity of the evil. The numbers of convicts who are poured forth upon that unhappy land are rapidly destroying all sound public opinion, and undermining a state of society already but too much demoralised.

The circumstances under which Van Dieman's Land is now placed have attracted the attention of the press, but scarcely in any instance of the necessity of the evil. The numbers of convicts who are poured forth upon that unhappy land are rapidly destroying all sound public opinion, and undermining a state of society already but too much demoralised.

The circumstances under which Van Dieman's Land is now placed have attracted the attention of the press, but scarcely in any instance of the necessity of the evil. The numbers of convicts who are poured forth upon that unhappy land are rapidly destroying all sound public opinion, and undermining a state of society already but too much demoralised.

The circumstances under which Van Dieman's Land is now placed have attracted the attention of the press, but scarcely in any instance of the necessity of the evil. The numbers of convicts who are poured forth upon that unhappy land are rapidly destroying all sound public opinion, and undermining a state of society already but too much demoralised.

The circumstances under which Van Dieman's Land is now placed have attracted the attention of the press, but scarcely in any instance of the necessity of the evil. The numbers of convicts who are poured forth upon that unhappy land are rapidly destroying all sound public opinion, and undermining a state of society already but too much demoralised.

The circumstances under which Van Dieman's Land is now placed have attracted the attention of the press, but scarcely in any instance of the necessity of the evil. The numbers of convicts who are poured forth upon that unhappy land are rapidly destroying all sound public opinion, and undermining a state of society already but too much demoralised.

The circumstances under which Van Dieman's Land is now placed have attracted the attention of the press, but scarcely in any instance of the necessity of the evil. The numbers of convicts who are poured forth upon that unhappy land are rapidly destroying all sound public opinion, and undermining a state of society already but too much demoralised.

The circumstances under which Van Dieman's Land is now placed have attracted the attention of the press, but scarcely in any instance of the necessity of the evil. The numbers of convicts who are poured forth upon that unhappy land are rapidly destroying all sound public opinion, and undermining a state of society already but too much demoralised.

The circumstances under which Van Dieman's Land is now placed have attracted the attention of the press, but scarcely in any instance of the necessity of the evil. The numbers of convicts who are poured forth upon that unhappy land are rapidly destroying all sound public opinion, and undermining a state of society already but too much demoralised.

The circumstances under which Van Dieman's Land is now placed have attracted the attention of the press, but scarcely in any instance of the necessity of the evil. The numbers of convicts who are poured forth upon that unhappy land are rapidly destroying all sound public opinion, and undermining a state of society already but too much demoralised.

The circumstances under which Van Dieman's Land is now placed have attracted the attention of the press, but scarcely in any instance of the necessity of the evil. The numbers of convicts who are poured forth upon that unhappy land are rapidly destroying all sound public opinion, and undermining a state of society already but too much demoralised.

The circumstances under which Van Dieman's Land is now placed have attracted the attention of the press, but scarcely in any instance of the necessity of the evil. The numbers of convicts who are poured forth upon that unhappy land are rapidly destroying all sound public opinion, and undermining a state of society already but too much demoralised.

Fatal Accident in Woolwich Dock-yard.

The circumstances under which Van Dieman's Land is now placed have attracted the attention of the press, but scarcely in any instance of the necessity of the evil. The numbers of convicts who are poured forth upon that unhappy land are rapidly destroying all sound public opinion, and undermining a state of society already but too much demoralised.

The circumstances under which Van Dieman's Land is now placed have attracted the attention of the press, but scarcely in any instance of the necessity of the evil. The numbers of convicts who are poured forth upon that unhappy land are rapidly destroying all sound public opinion, and undermining a state of society already but too much demoralised.

The Governor-Generalship of Canada.

The circumstances under which Van Dieman's Land is now placed have attracted the attention of the press, but scarcely in any instance of the necessity of the evil. The numbers of convicts who are poured forth upon that unhappy land are rapidly destroying all sound public opinion, and undermining a state of society already but too much demoralised.

The circumstances under which Van Dieman's Land is now placed have attracted the attention of the press, but scarcely in any instance of the necessity of the evil. The numbers of convicts who are poured forth upon that unhappy land are rapidly destroying all sound public opinion, and undermining a state of society already but too much demoralised.

The circumstances under which Van Dieman's Land is now placed have attracted the attention of the press, but scarcely in any instance of the necessity of the evil. The numbers of convicts who are poured forth upon that unhappy land are rapidly destroying all sound public opinion, and undermining a state of society already but too much demoralised.
